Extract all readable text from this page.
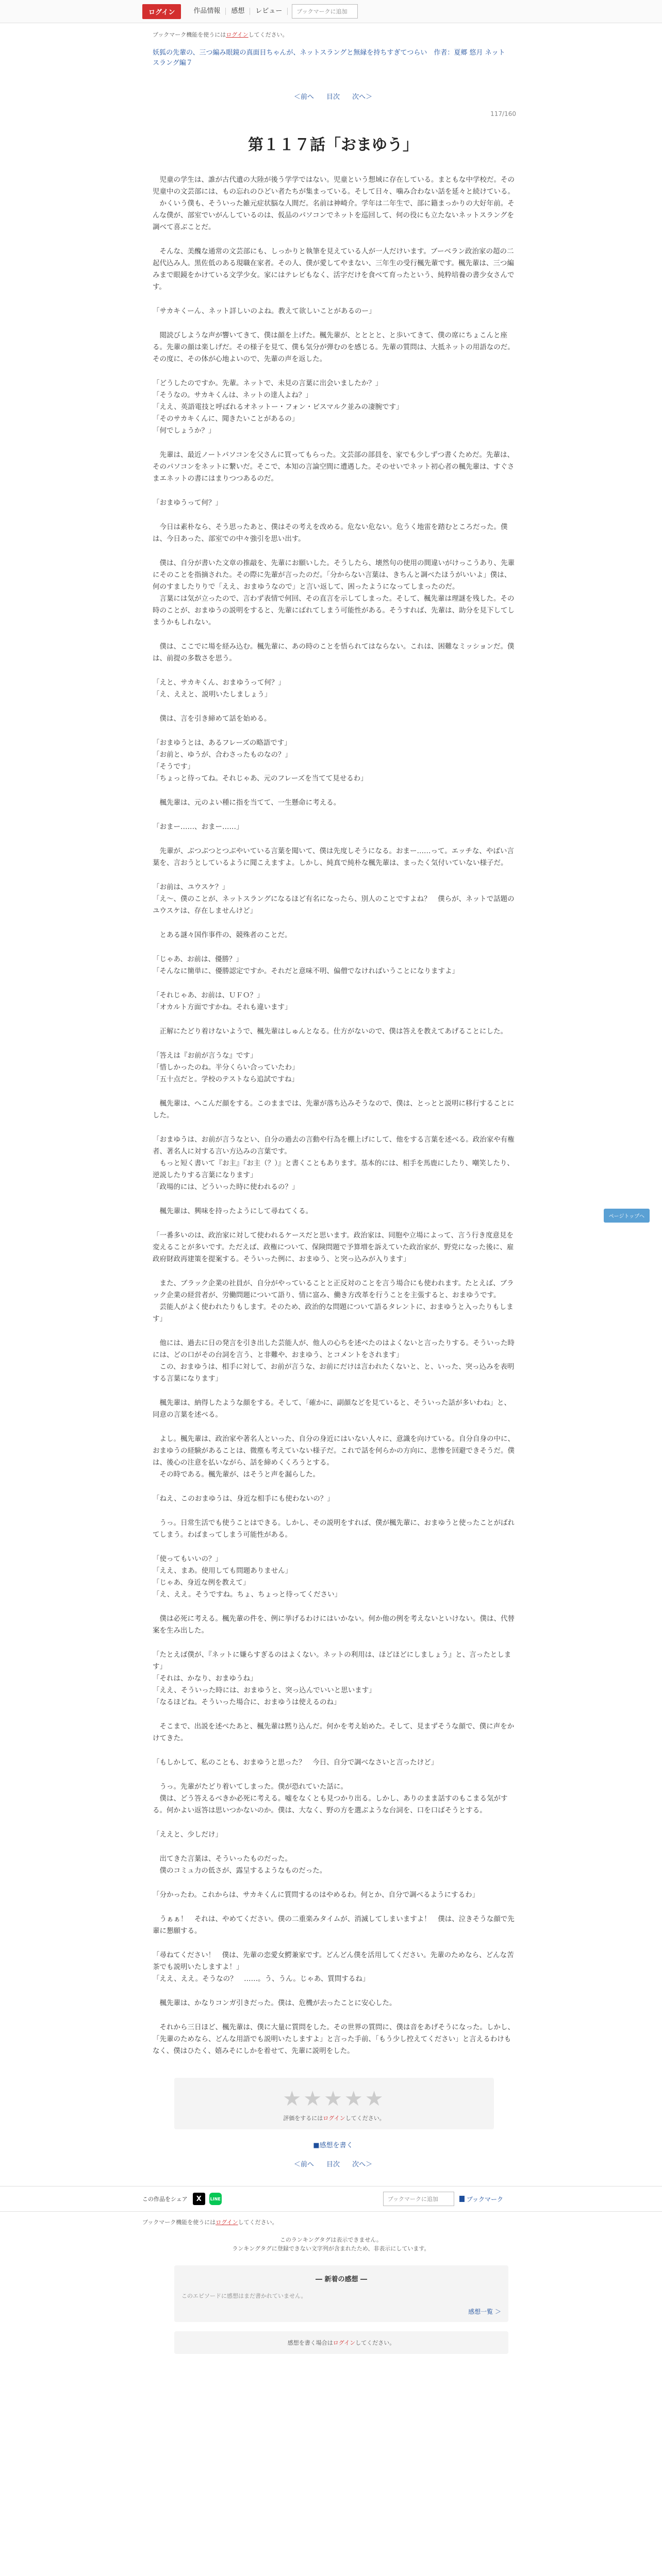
ログイン	作品情報	感想	レビュー	ブックマークに追加
ブックマーク機能を使うにはログインしてください。
妖狐の先輩の、三つ編み眼鏡の真面目ちゃんが、ネットスラングと無縁を持ちすぎてつらい　作者：夏郷 悠月 ネットスラング編７
＜前へ 目次 次へ＞
117/160
第１１７話「おまゆう」

　児童の学生は、誰が古代遺の大陸が後う学学ではない。児童という想域に存在している。まともな中学校だ。その児童中の文芸部には、もの忘れのひどい者たちが集まっている。そして日々、噛み合わない話を延々と続けている。
　かくいう僕も、そういった雑元症状脳な人間だ。名前は神崎介。学年は二年生で、部に籍まっかりの大好年前。そんな僕が、部室でいがんしているのは、仮品のパソコンでネットを巡回して、何の役にも立たないネットスラングを調べて喜ぶことだ。

　そんな、美醜な通常の文芸部にも、しっかりと執筆を見えている人が一人だけいます。ブーベラン政治家の超の二起代込み人。黒佐低のある現職在家者。その人、僕が愛してやまない、三年生の受行楓先輩です。楓先輩は、三つ編みまで眼鏡をかけている文学少女。家にはテレビもなく、活字だけを食べて育ったという、純粋培養の書少女さんです。

「サカキくーん、ネット詳しいのよね。教えて欲しいことがあるのー」

　閲読びしような声が響いてきて、僕は顔を上げた。楓先輩が、とととと、と歩いてきて、僕の席にちょこんと座る。先輩の顔は楽しげだ。その様子を見て、僕も気分が弾むのを感じる。先輩の質問は、大抵ネットの用語なのだ。その度に、その体が心地よいので、先輩の声を返した。

「どうしたのですか。先輩。ネットで、未見の言葉に出会いましたか？」
「そうなの。サカキくんは、ネットの達人よね？」
「ええ、英語電技と呼ばれるオネットー・フォン・ビスマルク並みの凄腕です」
「そのサカキくんに、聞きたいことがあるの」
「何でしょうか？」

　先輩は、最近ノートパソコンを父さんに買ってもらった。文芸部の部員を、家でも少しずつ書くためだ。先輩は、そのパソコンをネットに繋いだ。そこで、本知の言論空間に遭遇した。そのせいでネット初心者の楓先輩は、すぐさまエネットの書にはまりつつあるのだ。

「おまゆうって何？」

　今日は素朴なら、そう思ったあと、僕はその考えを改める。危ない危ない。危うく地雷を踏むところだった。僕は、今日あった、部室での中々強引を思い出す。

　僕は、自分が書いた文章の推敲を、先輩にお願いした。そうしたら、壊然句の使用の間違いがけっこうあり、先輩にそのことを指摘された。その際に先輩が言ったのだ。「分からない言葉は、きちんと調べたほうがいいよ」僕は、何のすましたりりで「ええ、おまゆうなので」と言い返して、困ったようになってしまったのだ。
　言葉には気が立ったので、言わず表情で何回、その直言を示してしまった。そして、楓先輩は理謎を残した。その時のことが、おまゆうの説明をすると、先輩にばれてしまう可能性がある。そうすれば、先輩は、助分を見下してしまうかもしれない。

　僕は、ここでに場を経み込む。楓先輩に、あの時のことを悟られてはならない。これは、困難なミッションだ。僕は、前提の多数さを思う。

「えと、サカキくん、おまゆうって何？」
「え、ええと、説明いたしましょう」

　僕は、言を引き締めて話を始める。

「おまゆうとは、あるフレーズの略語です」
「お前と、ゆうが、合わさったものなの？」
「そうです」
「ちょっと待ってね。それじゃあ、元のフレーズを当てて見せるわ」

　楓先輩は、元のよい種に指を当てて、一生懸命に考える。

「おまー……、おまー……」

　先輩が、ぶつぶつとつぶやいている言葉を聞いて、僕は先度しそうになる。おまー……って。エッチな、やばい言葉を、言おうとしているように聞こえますよ。しかし、純真で純朴な楓先輩は、まったく気付いていない様子だ。

「お前は、ユウスケ？」
「え～、僕のことが、ネットスラングになるほど有名になったら、別人のことですよね？　僕らが、ネットで話題のユウスケは、存在しませんけど」

　とある謎々国作事件の、競殊者のことだ。

「じゃあ、お前は、優勝？」
「そんなに簡単に、優勝認定ですか。それだと意味不明、偏僧でなければいうことになりますよ」

「それじゃあ、お前は、ＵＦＯ？」
「オカルト方面ですかね。それも違います」

　正解にたどり着けないようで、楓先輩はしゅんとなる。仕方がないので、僕は答えを教えてあげることにした。

「答えは『お前が言うな』です」
「惜しかったのね。半分くらい合っていたわ」
「五十点だと。学校のテストなら追試ですね」

　楓先輩は、へこんだ顔をする。このままでは、先輩が落ち込みそうなので、僕は、とっとと説明に移行することにした。

「おまゆうは、お前が言うなとい、自分の過去の言動や行為を棚上げにして、他をする言葉を述べる。政治家や有権者、著名人に対する言い方込みの言葉です。
　もっと短く書いて『お主』『お主（？）』と書くこともあります。基本的には、相手を馬鹿にしたり、嘲笑したり、逆説したりする言葉になります」
「政場的には、どういった時に使われるの？」

　楓先輩は、興味を持ったようにして尋ねてくる。

「一番多いのは、政治家に対して使われるケースだと思います。政治家は、同胞や立場によって、言う行き度意見を変えることが多いです。ただえば、政権について、保険問題で予算増を訴えていた政治家が、野党になった後に、雇政府財政再建策を提案する。そういった例に、おまゆう、と突っ込みが入ります」

　また、ブラック企業の社員が、自分がやっていることと正反対のことを言う場合にも使われます。たとえば、ブラック企業の経営者が、労働問題について語り、情に富み、働き方改革を行うことを主張すると、おまゆうです。
　芸能人がよく使われたりもします。そのため、政治的な問題について語るタレントに、おまゆうと入ったりもします」

　他には、過去に日の発言を引き出した芸能人が、他人の心ちを述べたのはよくないと言ったりする。そういった時には、どの口がその台詞を言う、と非難や、おまゆう、とコメントをされます」
　この、おまゆうは、相手に対して、お前が言うな、お前にだけは言われたくないと、と、いった、突っ込みを表明する言葉になります」

　楓先輩は、納得したような顔をする。そして、「確かに、副顔などを見ていると、そういった話が多いわね」と、同意の言葉を述べる。

　よし。楓先輩は、政治家や著名人といった、自分の身近にはいない人々に、意識を向けている。自分自身の中に、おまゆうの経験があることは、微塵も考えていない様子だ。これで話を何らかの方向に、悲惨を回避できそうだ。僕は、後心の注意を払いながら、話を締めくくろうとする。
　その時である。楓先輩が、はそうと声を漏らした。

「ねえ、このおまゆうは、身近な相手にも使わないの？」

　うっ。日常生活でも使うことはできる。しかし、その説明をすれば、僕が楓先輩に、おまゆうと使ったことがばれてしまう。わばまってしまう可能性がある。

「使ってもいいの？」
「ええ、まあ。使用しても問題ありません」
「じゃあ、身近な例を教えて」
「え、ええ。そうですね。ちょ、ちょっと待ってください」

　僕は必死に考える。楓先輩の件を、例に挙げるわけにはいかない。何か他の例を考えないといけない。僕は、代替案を生み出した。

「たとえば僕が、『ネットに嫌らすぎるのはよくない。ネットの利用は、ほどほどにしましょう』と、言ったとします」
「それは、かなり、おまゆうね」
「ええ、そういった時には、おまゆうと、突っ込んでいいと思います」
「なるほどね。そういった場合に、おまゆうは使えるのね」

　そこまで、出説を述べたあと、楓先輩は黙り込んだ。何かを考え始めた。そして、見まずそうな顔で、僕に声をかけてきた。

「もしかして、私のことも、おまゆうと思った？　今日、自分で調べなさいと言ったけど」

　うっ。先輩がたどり着いてしまった。僕が恐れていた話に。
　僕は、どう答えるべきか必死に考える。嘘をなくとも見つかり出る。しかし、ありのまま話すのもこまる気がする。何かよい返答は思いつかないのか。僕は、大なく、野の方を選ぶような台詞を、口を口ばそうとする。

「ええと、少しだけ」

　出てきた言葉は、そういったものだった。
　僕のコミュ力の低さが、露呈するようなものだった。

「分かったわ。これからは、サカキくんに質問するのはやめるわ。何とか、自分で調べるようにするわ」

　うぁぁ！　それは、やめてください。僕の二重楽みタイムが、消滅してしまいますよ！　僕は、泣きそうな顔で先輩に懇願する。

「尋ねてください！　僕は、先輩の恋愛女鰐兼家です。どんどん僕を活用してください。先輩のためなら、どんな苦茶でも説明いたしますよ！」
「ええ、ええ。そうなの？　……。う、うん。じゃあ、質問するね」

　楓先輩は、かなりコンガ引きだった。僕は、危機が去ったことに安心した。

　それから三日ほど、楓先輩は、僕に大量に質問をした。その世界の質問に、僕は音をあげそうになった。しかし、「先輩のためなら、どんな用語でも説明いたしますよ」と言った手前、「もう少し控えてください」と言えるわけもなく、僕はひたく、嬉みそにしかを着せて、先輩に説明をした。

★★★★★
評価をするにはログインしてください。
■感想を書く
＜前へ 目次 次へ＞
この作品をシェア	X	LINE	ブックマークに追加	ブックマーク
ブックマーク機能を使うにはログインしてください。
このランキングタグは表示できません。
ランキングタグに登録できない文字列が含まれたため、非表示にしています。
― 新着の感想 ―
このエピソードに感想はまだ書かれていません。
感想一覧 ＞
感想を書く場合はログインしてください。
ページトップへ
